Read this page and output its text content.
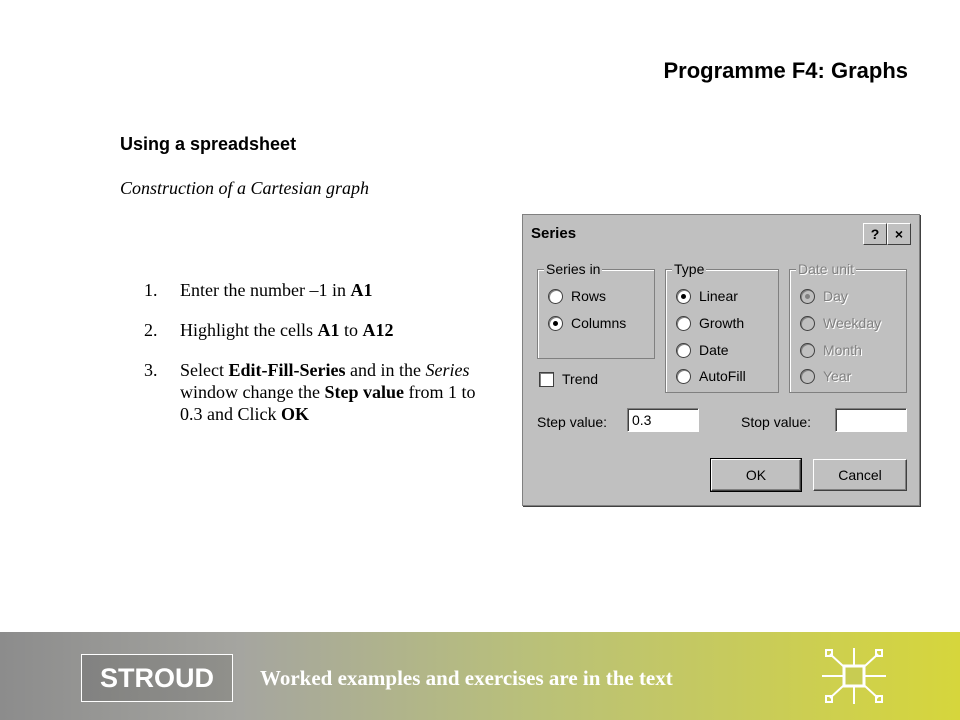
Programme F4: Graphs
Using a spreadsheet
Construction of a Cartesian graph
1.	Enter the number –1 in A1
2.	Highlight the cells A1 to A12
3.	Select Edit-Fill-Series and in the Series window change the Step value from 1 to 0.3 and Click OK
Series	?	×
Series in
Rows
Columns
Type
Linear
Growth
Date
AutoFill
Date unit
Day
Weekday
Month
Year
Trend
Step value:
0.3	Stop value:
OK	Cancel
STROUD	Worked examples and exercises are in the text
